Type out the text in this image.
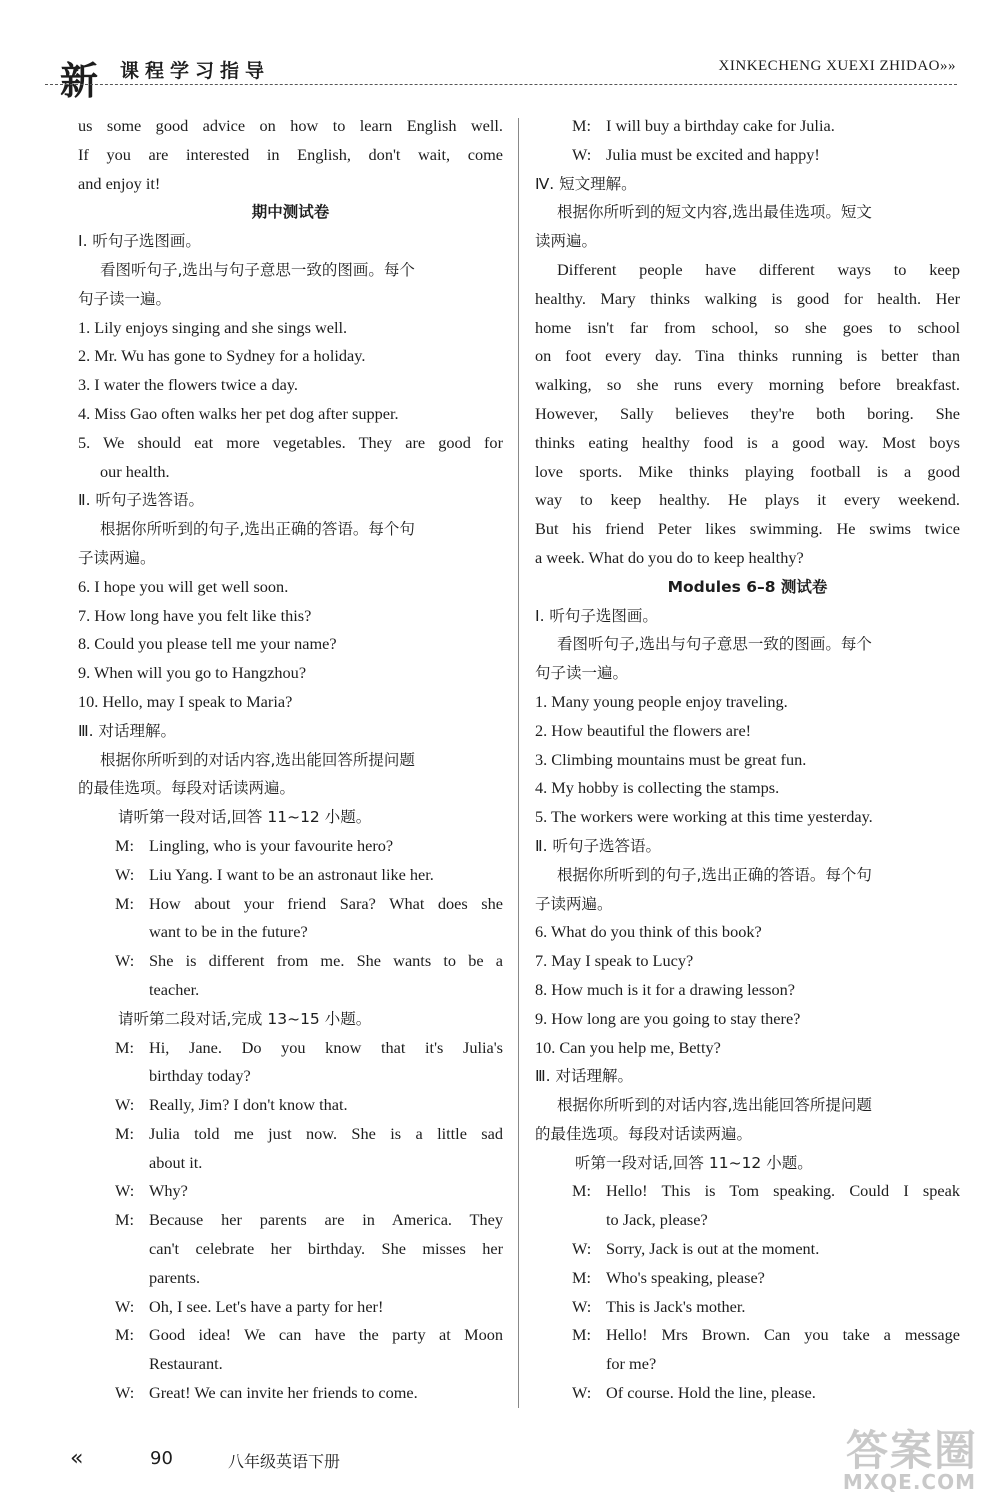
新 课程学习指导	XINKECHENG XUEXI ZHIDAO»»
us some good advice on how to learn English well.
If you are interested in English, don't wait, come
and enjoy it!
期中测试卷
Ⅰ. 听句子选图画。
看图听句子,选出与句子意思一致的图画。每个
句子读一遍。
1. Lily enjoys singing and she sings well.
2. Mr. Wu has gone to Sydney for a holiday.
3. I water the flowers twice a day.
4. Miss Gao often walks her pet dog after supper.
5. We should eat more vegetables. They are good for
our health.
Ⅱ. 听句子选答语。
根据你所听到的句子,选出正确的答语。每个句
子读两遍。
6. I hope you will get well soon.
7. How long have you felt like this?
8. Could you please tell me your name?
9. When will you go to Hangzhou?
10. Hello, may I speak to Maria?
Ⅲ. 对话理解。
根据你所听到的对话内容,选出能回答所提问题
的最佳选项。每段对话读两遍。
请听第一段对话,回答 11~12 小题。
M: Lingling, who is your favourite hero?
W: Liu Yang. I want to be an astronaut like her.
M: How about your friend Sara? What does she
want to be in the future?
W: She is different from me. She wants to be a
teacher.
请听第二段对话,完成 13~15 小题。
M: Hi, Jane. Do you know that it's Julia's
birthday today?
W: Really, Jim? I don't know that.
M: Julia told me just now. She is a little sad
about it.
W: Why?
M: Because her parents are in America. They
can't celebrate her birthday. She misses her
parents.
W: Oh, I see. Let's have a party for her!
M: Good idea! We can have the party at Moon
Restaurant.
W: Great! We can invite her friends to come.
M: I will buy a birthday cake for Julia.
W: Julia must be excited and happy!
Ⅳ. 短文理解。
根据你所听到的短文内容,选出最佳选项。短文
读两遍。
Different people have different ways to keep
healthy. Mary thinks walking is good for health. Her
home isn't far from school, so she goes to school
on foot every day. Tina thinks running is better than
walking, so she runs every morning before breakfast.
However, Sally believes they're both boring. She
thinks eating healthy food is a good way. Most boys
love sports. Mike thinks playing football is a good
way to keep healthy. He plays it every weekend.
But his friend Peter likes swimming. He swims twice
a week. What do you do to keep healthy?
Modules 6–8 测试卷
Ⅰ. 听句子选图画。
看图听句子,选出与句子意思一致的图画。每个
句子读一遍。
1. Many young people enjoy traveling.
2. How beautiful the flowers are!
3. Climbing mountains must be great fun.
4. My hobby is collecting the stamps.
5. The workers were working at this time yesterday.
Ⅱ. 听句子选答语。
根据你所听到的句子,选出正确的答语。每个句
子读两遍。
6. What do you think of this book?
7. May I speak to Lucy?
8. How much is it for a drawing lesson?
9. How long are you going to stay there?
10. Can you help me, Betty?
Ⅲ. 对话理解。
根据你所听到的对话内容,选出能回答所提问题
的最佳选项。每段对话读两遍。
听第一段对话,回答 11~12 小题。
M: Hello! This is Tom speaking. Could I speak
to Jack, please?
W: Sorry, Jack is out at the moment.
M: Who's speaking, please?
W: This is Jack's mother.
M: Hello! Mrs Brown. Can you take a message
for me?
W: Of course. Hold the line, please.
«	90	八年级英语下册	答案圈
MXQE.COM
